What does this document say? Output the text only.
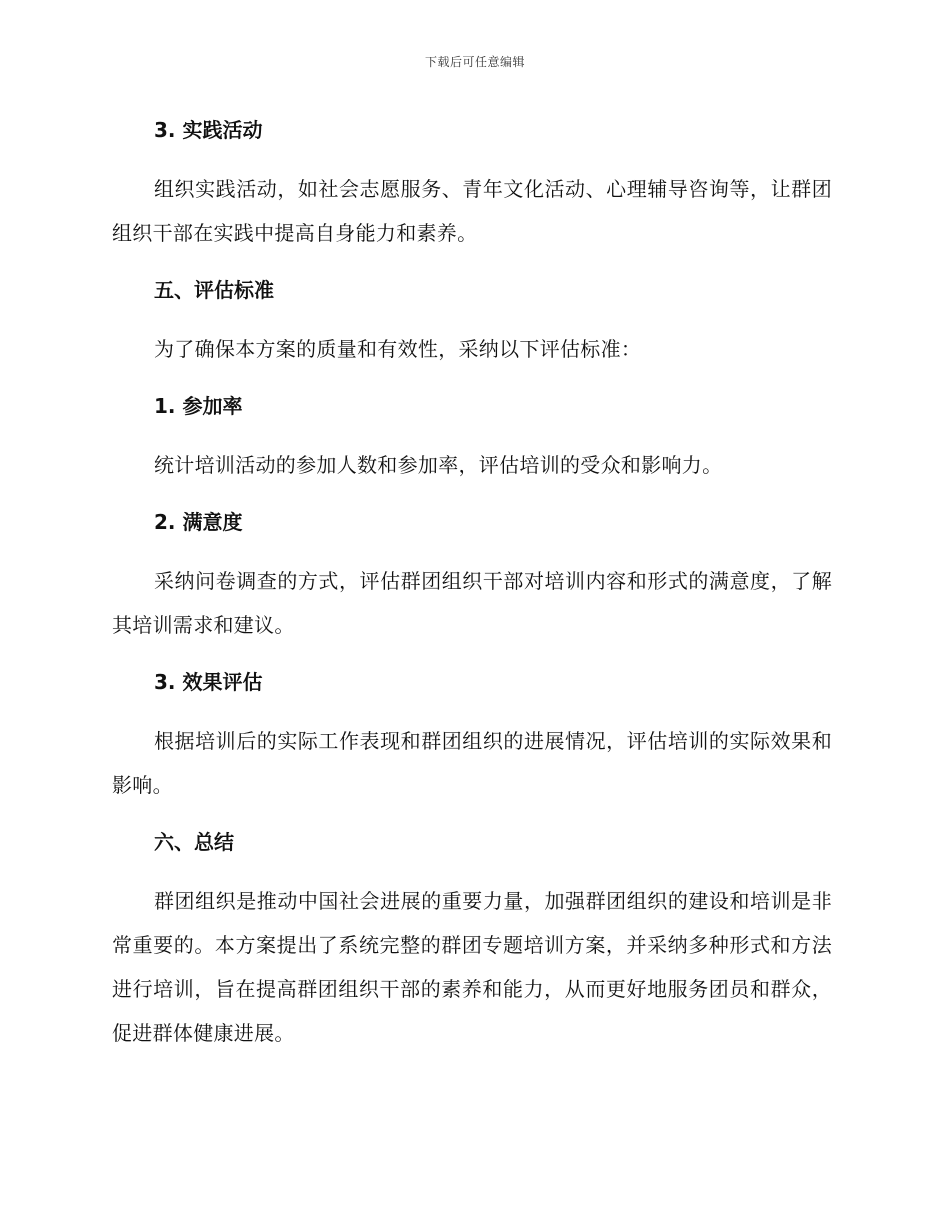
下载后可任意编辑
3. 实践活动

组织实践活动，如社会志愿服务、青年文化活动、心理辅导咨询等，让群团组织干部在实践中提高自身能力和素养。

五、评估标准

为了确保本方案的质量和有效性，采纳以下评估标准：

1. 参加率

统计培训活动的参加人数和参加率，评估培训的受众和影响力。

2. 满意度

采纳问卷调查的方式，评估群团组织干部对培训内容和形式的满意度，了解其培训需求和建议。

3. 效果评估

根据培训后的实际工作表现和群团组织的进展情况，评估培训的实际效果和影响。

六、总结

群团组织是推动中国社会进展的重要力量，加强群团组织的建设和培训是非常重要的。本方案提出了系统完整的群团专题培训方案，并采纳多种形式和方法进行培训，旨在提高群团组织干部的素养和能力，从而更好地服务团员和群众，促进群体健康进展。
